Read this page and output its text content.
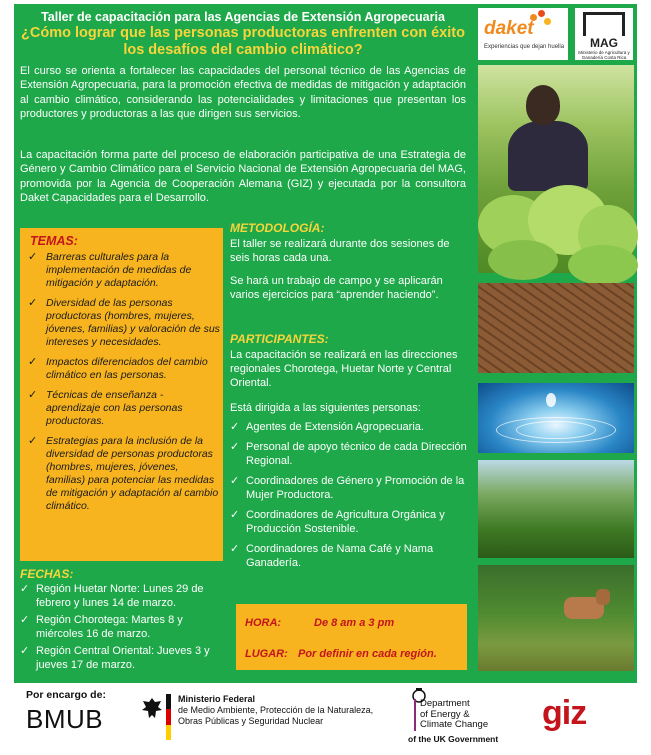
Taller de capacitación para las Agencias de Extensión Agropecuaria
¿Cómo lograr que las personas productoras enfrenten con éxito los desafíos del cambio climático?
daket
Experiencias que dejan huella	MAG
Ministerio de Agricultura y Ganadería Costa Rica
El curso se orienta a fortalecer las capacidades del personal técnico de las Agencias de Extensión Agropecuaria, para la promoción efectiva de medidas de mitigación y adaptación al cambio climático, considerando las potencialidades y limitaciones que presentan los productores y productoras a las que dirigen sus servicios.
La capacitación forma parte del proceso de elaboración participativa de una Estrategia de Género y Cambio Climático para el Servicio Nacional de Extensión Agropecuaria del MAG, promovida por la Agencia de Cooperación Alemana (GIZ) y ejecutada por la consultora Daket Capacidades para el Desarrollo.
TEMAS:
✓ Barreras culturales para la implementación de medidas de mitigación y adaptación.
✓ Diversidad de las personas productoras (hombres, mujeres, jóvenes, familias) y valoración de sus intereses y necesidades.
✓ Impactos diferenciados del cambio climático en las personas.
✓ Técnicas de enseñanza - aprendizaje con las personas productoras.
✓ Estrategias para la inclusión de la diversidad de personas productoras (hombres, mujeres, jóvenes, familias) para potenciar las medidas de mitigación y adaptación al cambio climático.
FECHAS:
✓ Región Huetar Norte: Lunes 29 de febrero y lunes 14 de marzo.
✓ Región Chorotega: Martes 8 y miércoles 16 de marzo.
✓ Región Central Oriental: Jueves 3 y jueves 17 de marzo.
METODOLOGÍA:
El taller se realizará durante dos sesiones de seis horas cada una.
Se hará un trabajo de campo y se aplicarán varios ejercicios para “aprender haciendo”.
PARTICIPANTES:
La capacitación se realizará en las direcciones regionales Chorotega, Huetar Norte y Central Oriental.
Está dirigida a las siguientes personas:
✓ Agentes de Extensión Agropecuaria.
✓ Personal de apoyo técnico de cada Dirección Regional.
✓ Coordinadores de Género y Promoción de la Mujer Productora.
✓ Coordinadores de Agricultura Orgánica y Producción Sostenible.
✓ Coordinadores de Nama Café y Nama Ganadería.
HORA:	De 8 am a 3 pm
LUGAR: Por definir en cada región.
Por encargo de:
BMUB
Ministerio Federal
de Medio Ambiente, Protección de la Naturaleza, Obras Públicas y Seguridad Nuclear
Department
of Energy &
Climate Change
of the UK Government
giz
